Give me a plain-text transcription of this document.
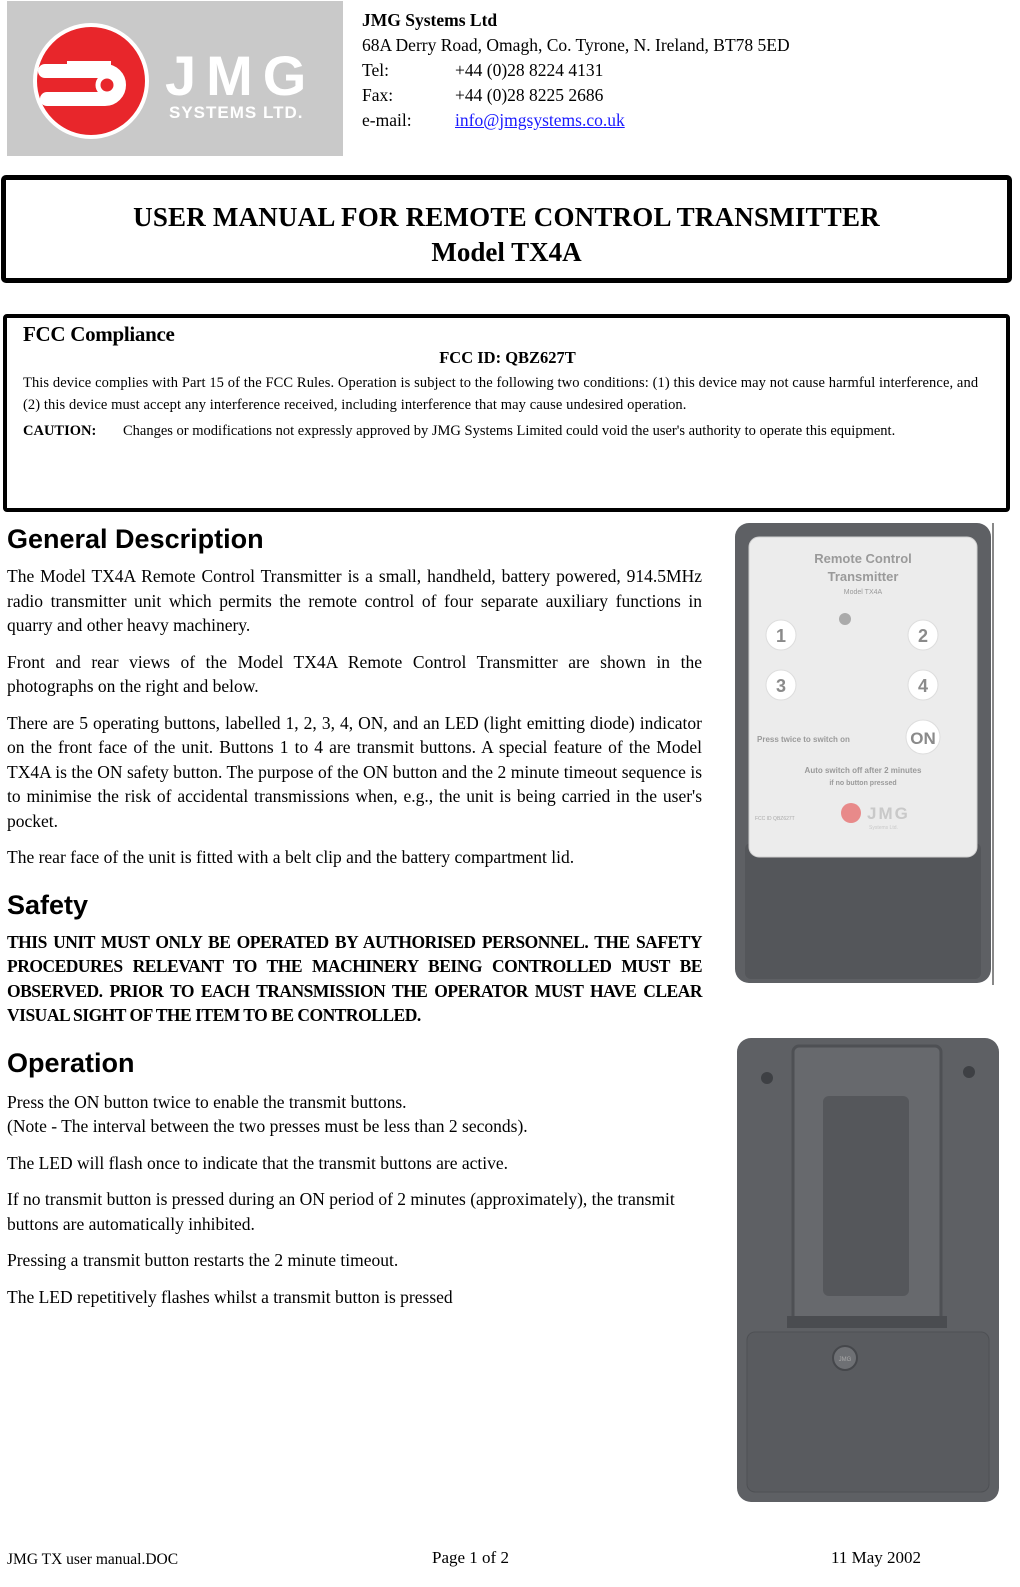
JMG
SYSTEMS LTD.
JMG Systems Ltd
68A Derry Road, Omagh, Co. Tyrone, N. Ireland, BT78 5ED
Tel:	+44 (0)28 8224 4131
Fax:	+44 (0)28 8225 2686
e-mail:	info@jmgsystems.co.uk
USER MANUAL FOR REMOTE CONTROL TRANSMITTER
Model TX4A
FCC Compliance
FCC ID: QBZ627T
This device complies with Part 15 of the FCC Rules. Operation is subject to the following two conditions: (1) this device may not cause harmful interference, and (2) this device must accept any interference received, including interference that may cause undesired operation.
CAUTION:	Changes or modifications not expressly approved by JMG Systems Limited could void the user's authority to operate this equipment.
General Description

The Model TX4A Remote Control Transmitter is a small, handheld, battery powered, 914.5MHz radio transmitter unit which permits the remote control of four separate auxiliary functions in quarry and other heavy machinery.

Front and rear views of the Model TX4A Remote Control Transmitter are shown in the photographs on the right and below.

There are 5 operating buttons, labelled 1, 2, 3, 4, ON, and an LED (light emitting diode) indicator on the front face of the unit. Buttons 1 to 4 are transmit buttons. A special feature of the Model TX4A is the ON safety button. The purpose of the ON button and the 2 minute timeout sequence is to minimise the risk of accidental transmissions when, e.g., the unit is being carried in the user's pocket.

The rear face of the unit is fitted with a belt clip and the battery compartment lid.

Safety
THIS UNIT MUST ONLY BE OPERATED BY AUTHORISED PERSONNEL. THE SAFETY PROCEDURES RELEVANT TO THE MACHINERY BEING CONTROLLED MUST BE OBSERVED. PRIOR TO EACH TRANSMISSION THE OPERATOR MUST HAVE CLEAR VISUAL SIGHT OF THE ITEM TO BE CONTROLLED.
Operation

Press the ON button twice to enable the transmit buttons.

(Note - The interval between the two presses must be less than 2 seconds).

The LED will flash once to indicate that the transmit buttons are active.

If no transmit button is pressed during an ON period of 2 minutes (approximately), the transmit buttons are automatically inhibited.

Pressing a transmit button restarts the 2 minute timeout.

The LED repetitively flashes whilst a transmit button is pressed

Remote Control
Transmitter
Model TX4A
1	2
3	4
ON
Press twice to switch on
Auto switch off after 2 minutes
if no button pressed
JMG
Systems Ltd.
FCC ID QBZ627T
JMG
JMG TX user manual.DOC	Page 1 of 2	11 May 2002
